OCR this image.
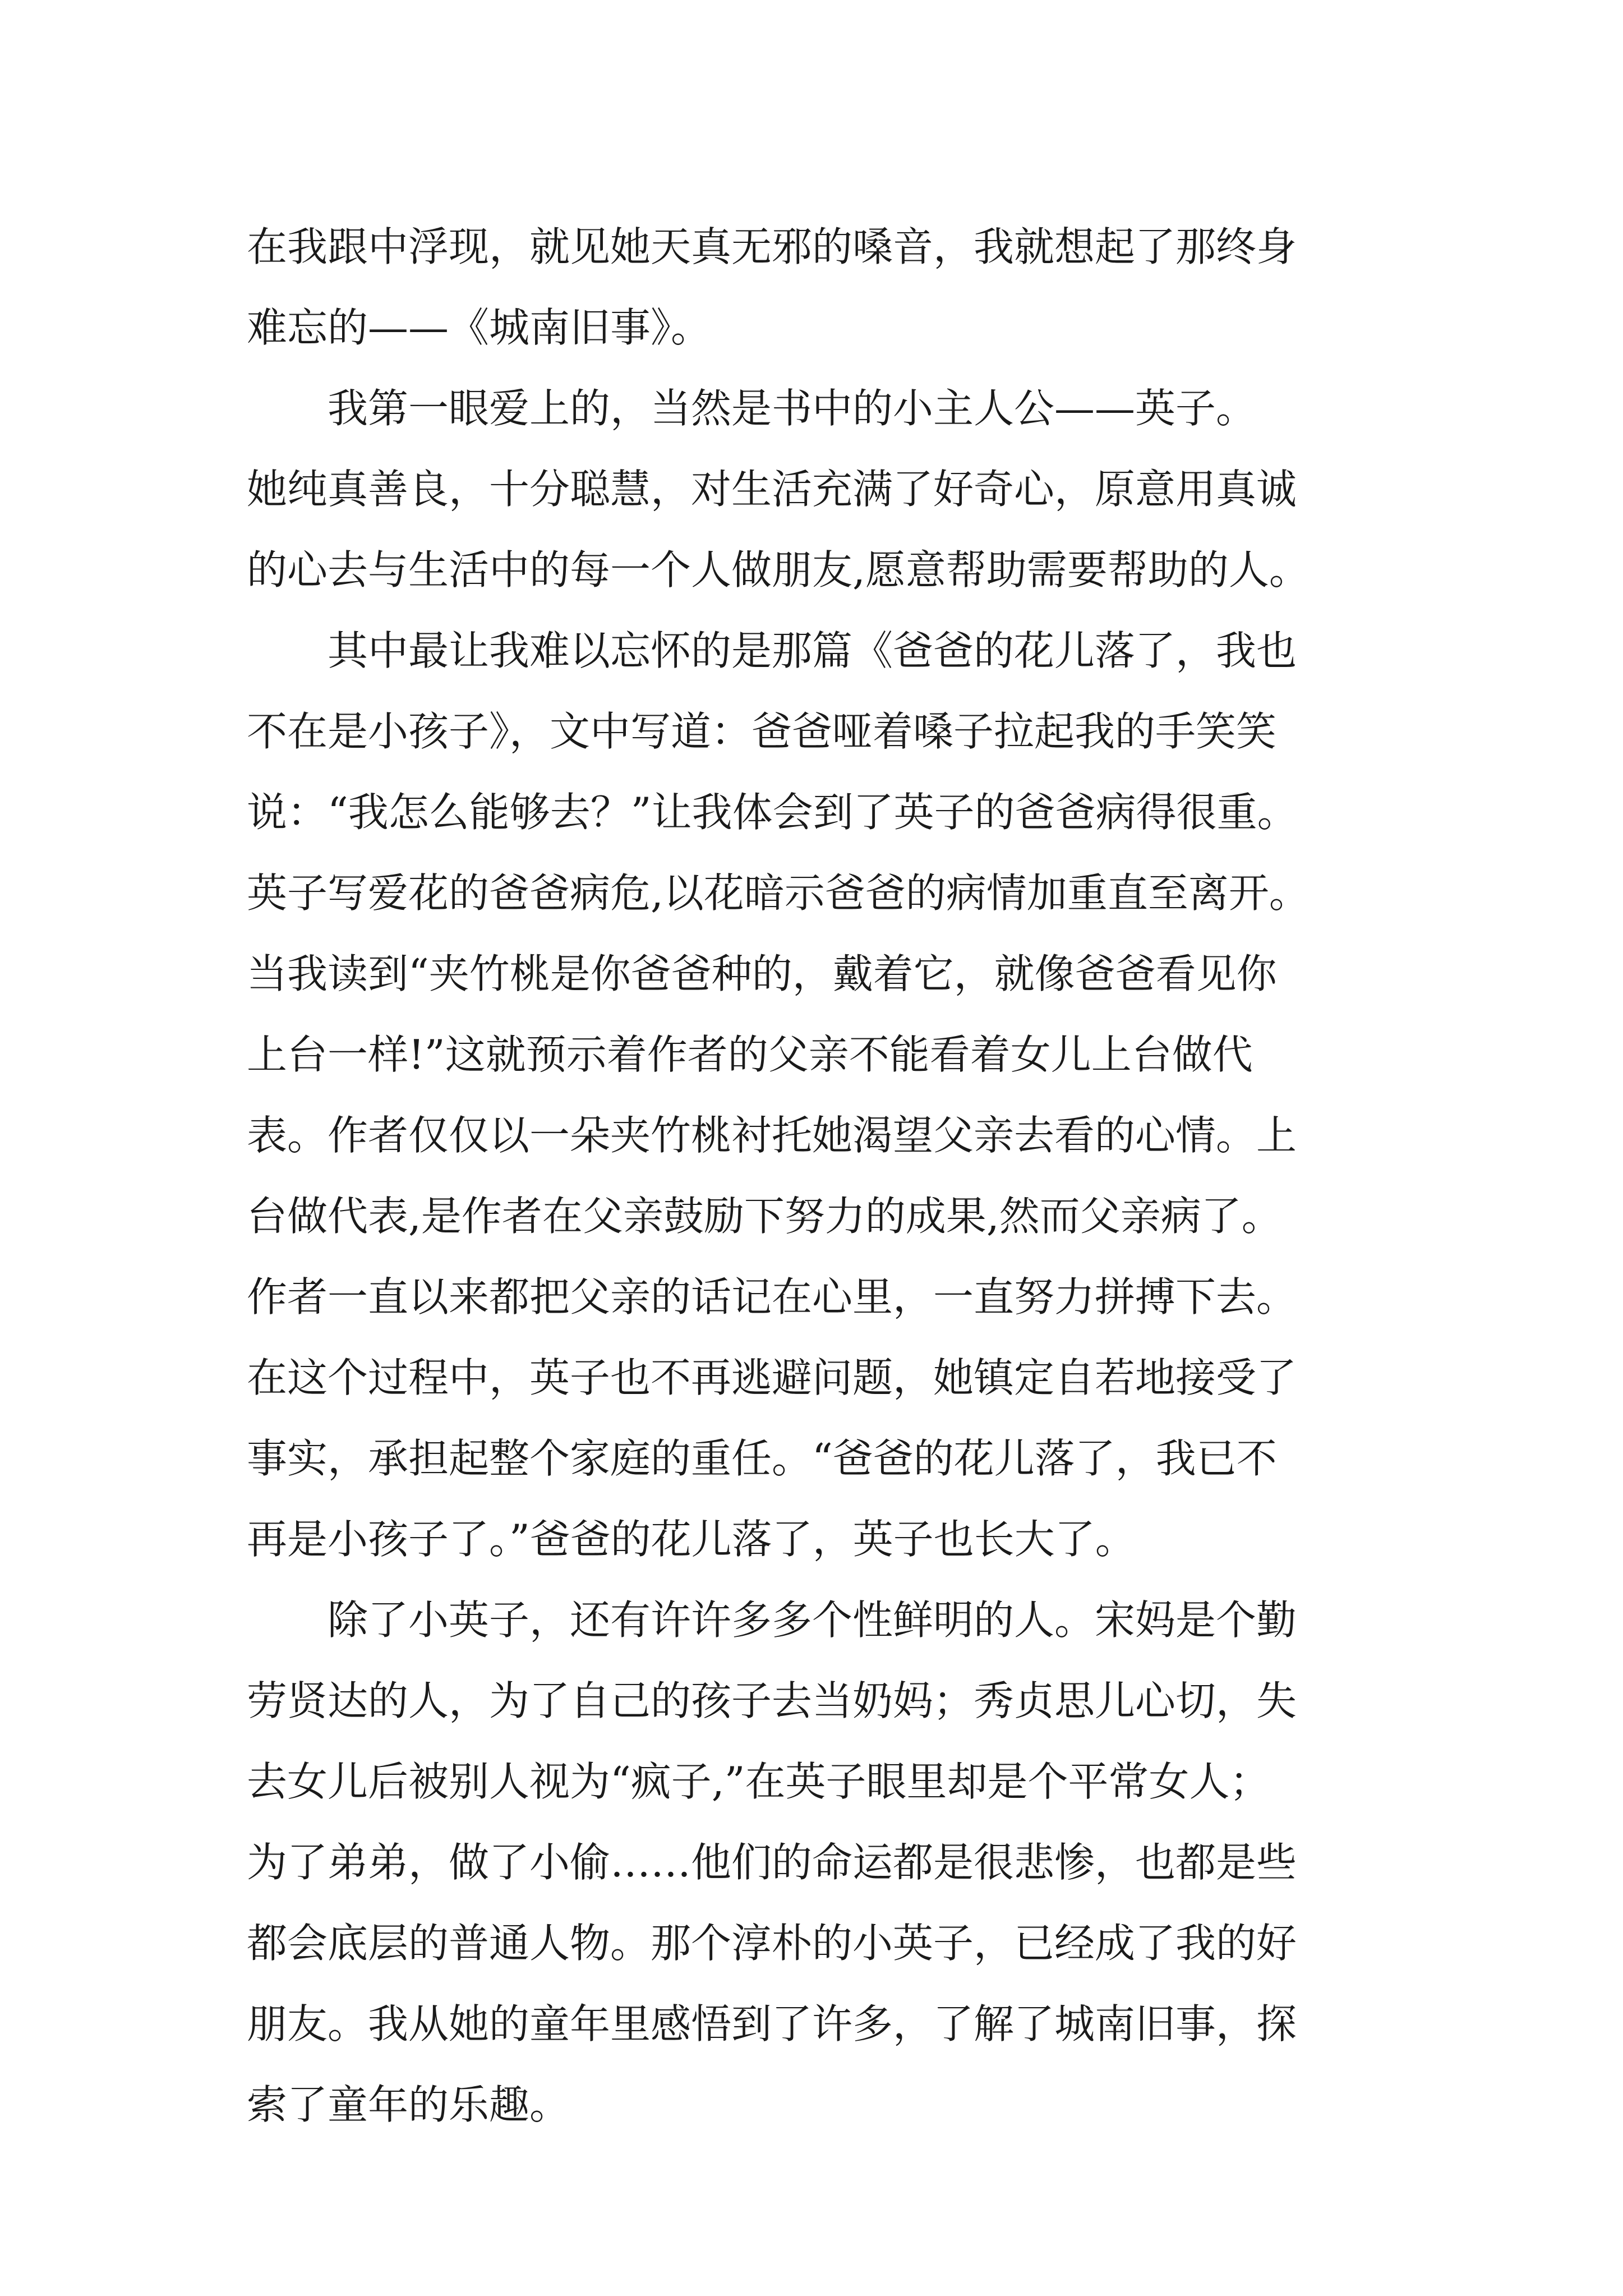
在我跟中浮现，就见她天真无邪的嗓音，我就想起了那终身
难忘的——《城南旧事》。
我第一眼爱上的，当然是书中的小主人公——英子。
她纯真善良，十分聪慧，对生活充满了好奇心，原意用真诚
的心去与生活中的每一个人做朋友,愿意帮助需要帮助的人。
其中最让我难以忘怀的是那篇《爸爸的花儿落了，我也
不在是小孩子》，文中写道：爸爸哑着嗓子拉起我的手笑笑
说：“我怎么能够去？”让我体会到了英子的爸爸病得很重。
英子写爱花的爸爸病危,以花暗示爸爸的病情加重直至离开。
当我读到“夹竹桃是你爸爸种的，戴着它，就像爸爸看见你
上台一样!”这就预示着作者的父亲不能看着女儿上台做代
表。作者仅仅以一朵夹竹桃衬托她渴望父亲去看的心情。上
台做代表,是作者在父亲鼓励下努力的成果,然而父亲病了。
作者一直以来都把父亲的话记在心里，一直努力拼搏下去。
在这个过程中，英子也不再逃避问题，她镇定自若地接受了
事实，承担起整个家庭的重任。“爸爸的花儿落了，我已不
再是小孩子了。”爸爸的花儿落了，英子也长大了。
除了小英子，还有许许多多个性鲜明的人。宋妈是个勤
劳贤达的人，为了自己的孩子去当奶妈；秀贞思儿心切，失
去女儿后被别人视为“疯子,”在英子眼里却是个平常女人；
为了弟弟，做了小偷……他们的命运都是很悲惨，也都是些
都会底层的普通人物。那个淳朴的小英子，已经成了我的好
朋友。我从她的童年里感悟到了许多，了解了城南旧事，探
索了童年的乐趣。
